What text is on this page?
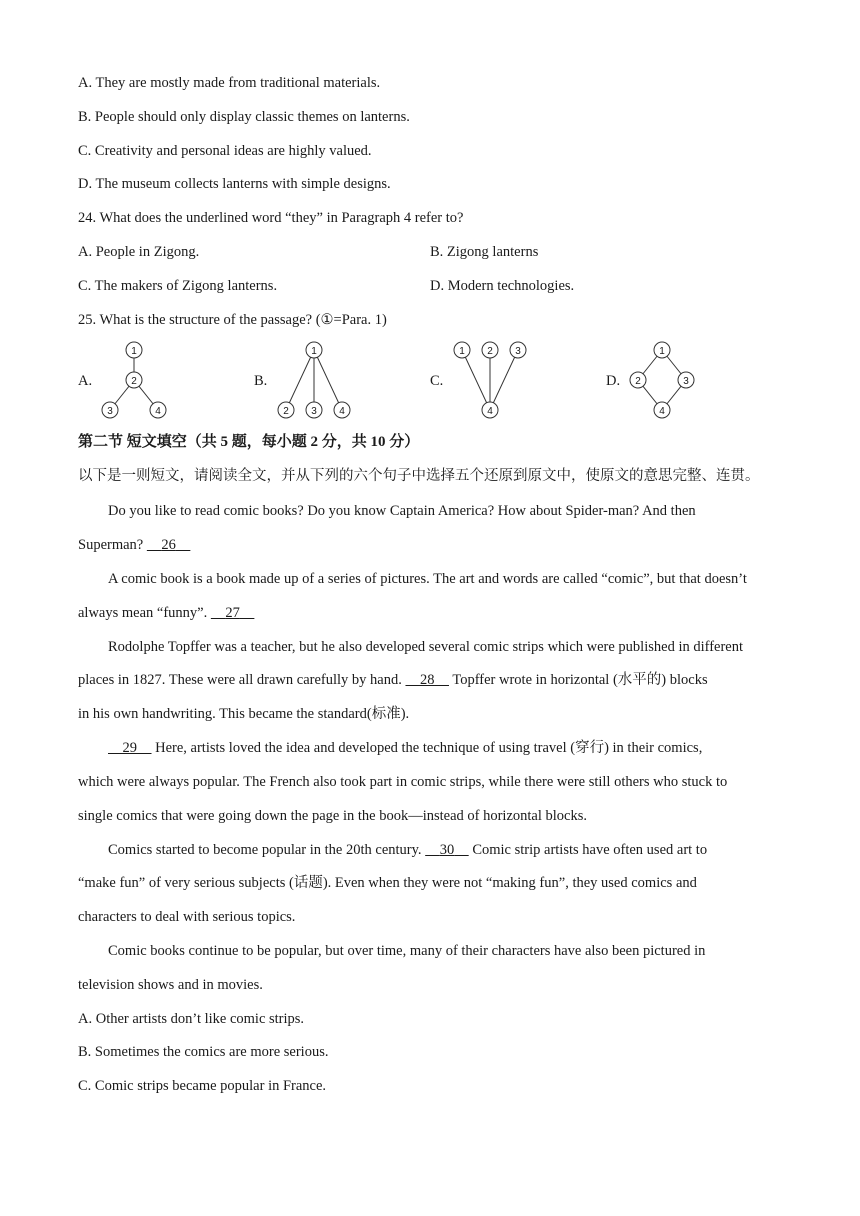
A. They are mostly made from traditional materials.
B. People should only display classic themes on lanterns.
C. Creativity and personal ideas are highly valued.
D. The museum collects lanterns with simple designs.
24. What does the underlined word “they” in Paragraph 4 refer to?
A. People in Zigong.	B. Zigong lanterns
C. The makers of Zigong lanterns.	D. Modern technologies.
25. What is the structure of the passage? (①=Para. 1)
A.
1
2
3	4
B.
1
2 3 4
C.
1 2 3
4
D.
1
2	3
4
第二节 短文填空（共 5 题，每小题 2 分，共 10 分）
以下是一则短文，请阅读全文，并从下列的六个句子中选择五个还原到原文中，使原文的意思完整、连贯。
Do you like to read comic books? Do you know Captain America? How about Spider-man? And then
Superman? 26
A comic book is a book made up of a series of pictures. The art and words are called “comic”, but that doesn’t
always mean “funny”. 27
Rodolphe Topffer was a teacher, but he also developed several comic strips which were published in different
places in 1827. These were all drawn carefully by hand. 28 Topffer wrote in horizontal (水平的) blocks
in his own handwriting. This became the standard(标准).
29 Here, artists loved the idea and developed the technique of using travel (穿行) in their comics,
which were always popular. The French also took part in comic strips, while there were still others who stuck to
single comics that were going down the page in the book—instead of horizontal blocks.
Comics started to become popular in the 20th century. 30 Comic strip artists have often used art to
“make fun” of very serious subjects (话题). Even when they were not “making fun”, they used comics and
characters to deal with serious topics.
Comic books continue to be popular, but over time, many of their characters have also been pictured in
television shows and in movies.
A. Other artists don’t like comic strips.
B. Sometimes the comics are more serious.
C. Comic strips became popular in France.
